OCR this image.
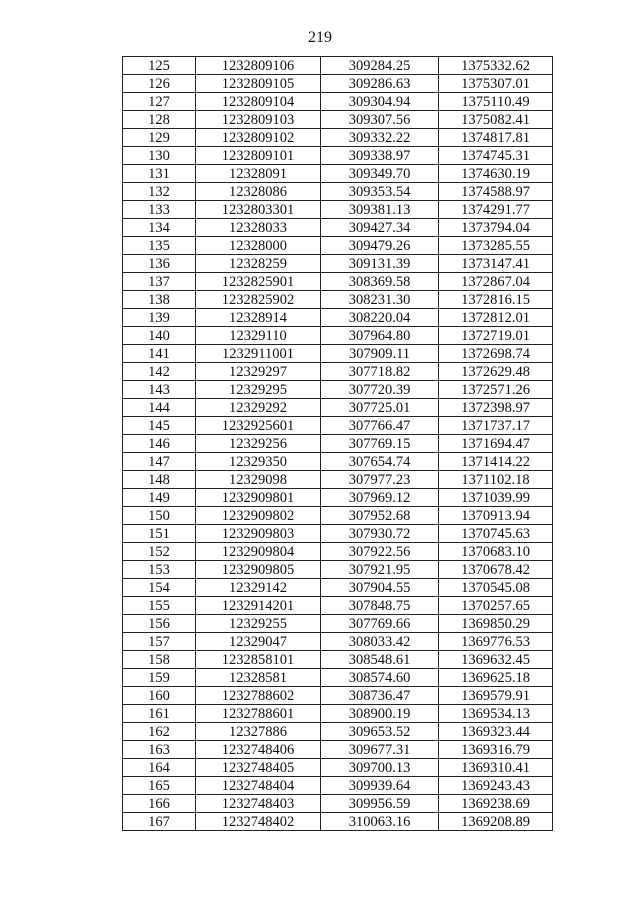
219
125	1232809106	309284.25	1375332.62
126	1232809105	309286.63	1375307.01
127	1232809104	309304.94	1375110.49
128	1232809103	309307.56	1375082.41
129	1232809102	309332.22	1374817.81
130	1232809101	309338.97	1374745.31
131	12328091	309349.70	1374630.19
132	12328086	309353.54	1374588.97
133	1232803301	309381.13	1374291.77
134	12328033	309427.34	1373794.04
135	12328000	309479.26	1373285.55
136	12328259	309131.39	1373147.41
137	1232825901	308369.58	1372867.04
138	1232825902	308231.30	1372816.15
139	12328914	308220.04	1372812.01
140	12329110	307964.80	1372719.01
141	1232911001	307909.11	1372698.74
142	12329297	307718.82	1372629.48
143	12329295	307720.39	1372571.26
144	12329292	307725.01	1372398.97
145	1232925601	307766.47	1371737.17
146	12329256	307769.15	1371694.47
147	12329350	307654.74	1371414.22
148	12329098	307977.23	1371102.18
149	1232909801	307969.12	1371039.99
150	1232909802	307952.68	1370913.94
151	1232909803	307930.72	1370745.63
152	1232909804	307922.56	1370683.10
153	1232909805	307921.95	1370678.42
154	12329142	307904.55	1370545.08
155	1232914201	307848.75	1370257.65
156	12329255	307769.66	1369850.29
157	12329047	308033.42	1369776.53
158	1232858101	308548.61	1369632.45
159	12328581	308574.60	1369625.18
160	1232788602	308736.47	1369579.91
161	1232788601	308900.19	1369534.13
162	12327886	309653.52	1369323.44
163	1232748406	309677.31	1369316.79
164	1232748405	309700.13	1369310.41
165	1232748404	309939.64	1369243.43
166	1232748403	309956.59	1369238.69
167	1232748402	310063.16	1369208.89
